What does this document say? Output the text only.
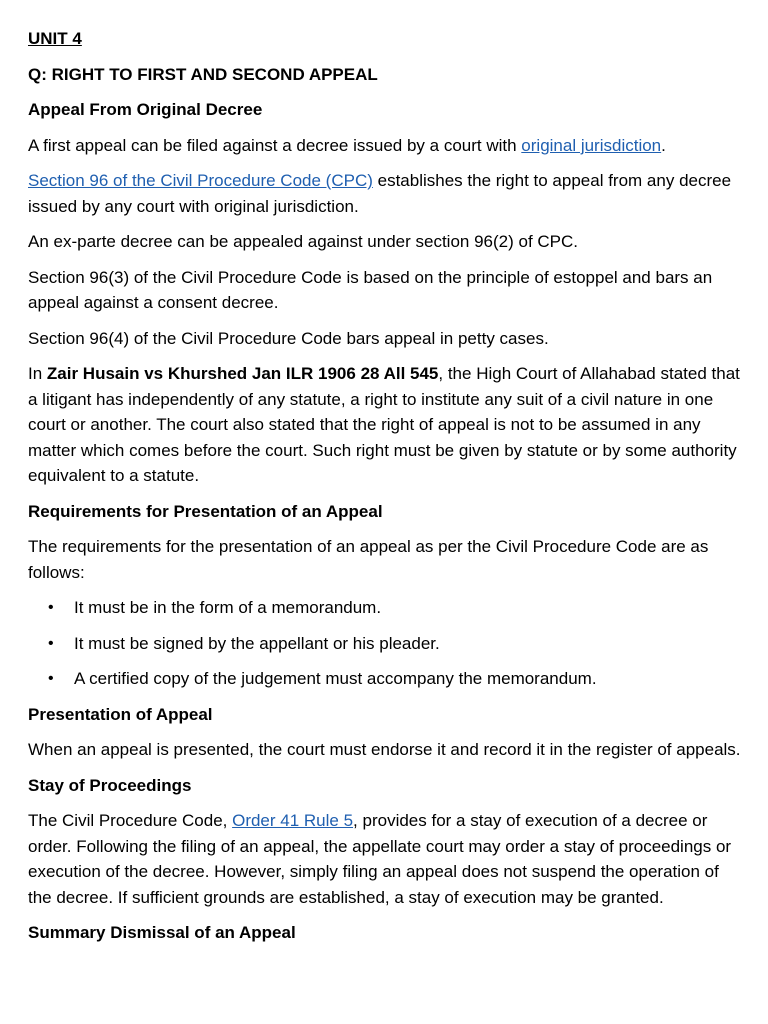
UNIT 4

Q: RIGHT TO FIRST AND SECOND APPEAL

Appeal From Original Decree

A first appeal can be filed against a decree issued by a court with original jurisdiction.

Section 96 of the Civil Procedure Code (CPC) establishes the right to appeal from any decree issued by any court with original jurisdiction.

An ex-parte decree can be appealed against under section 96(2) of CPC.

Section 96(3) of the Civil Procedure Code is based on the principle of estoppel and bars an appeal against a consent decree.

Section 96(4) of the Civil Procedure Code bars appeal in petty cases.

In Zair Husain vs Khurshed Jan ILR 1906 28 All 545, the High Court of Allahabad stated that a litigant has independently of any statute, a right to institute any suit of a civil nature in one court or another. The court also stated that the right of appeal is not to be assumed in any matter which comes before the court. Such right must be given by statute or by some authority equivalent to a statute.

Requirements for Presentation of an Appeal

The requirements for the presentation of an appeal as per the Civil Procedure Code are as follows:

• It must be in the form of a memorandum.
• It must be signed by the appellant or his pleader.
• A certified copy of the judgement must accompany the memorandum.

Presentation of Appeal

When an appeal is presented, the court must endorse it and record it in the register of appeals.

Stay of Proceedings

The Civil Procedure Code, Order 41 Rule 5, provides for a stay of execution of a decree or order. Following the filing of an appeal, the appellate court may order a stay of proceedings or execution of the decree. However, simply filing an appeal does not suspend the operation of the decree. If sufficient grounds are established, a stay of execution may be granted.

Summary Dismissal of an Appeal
